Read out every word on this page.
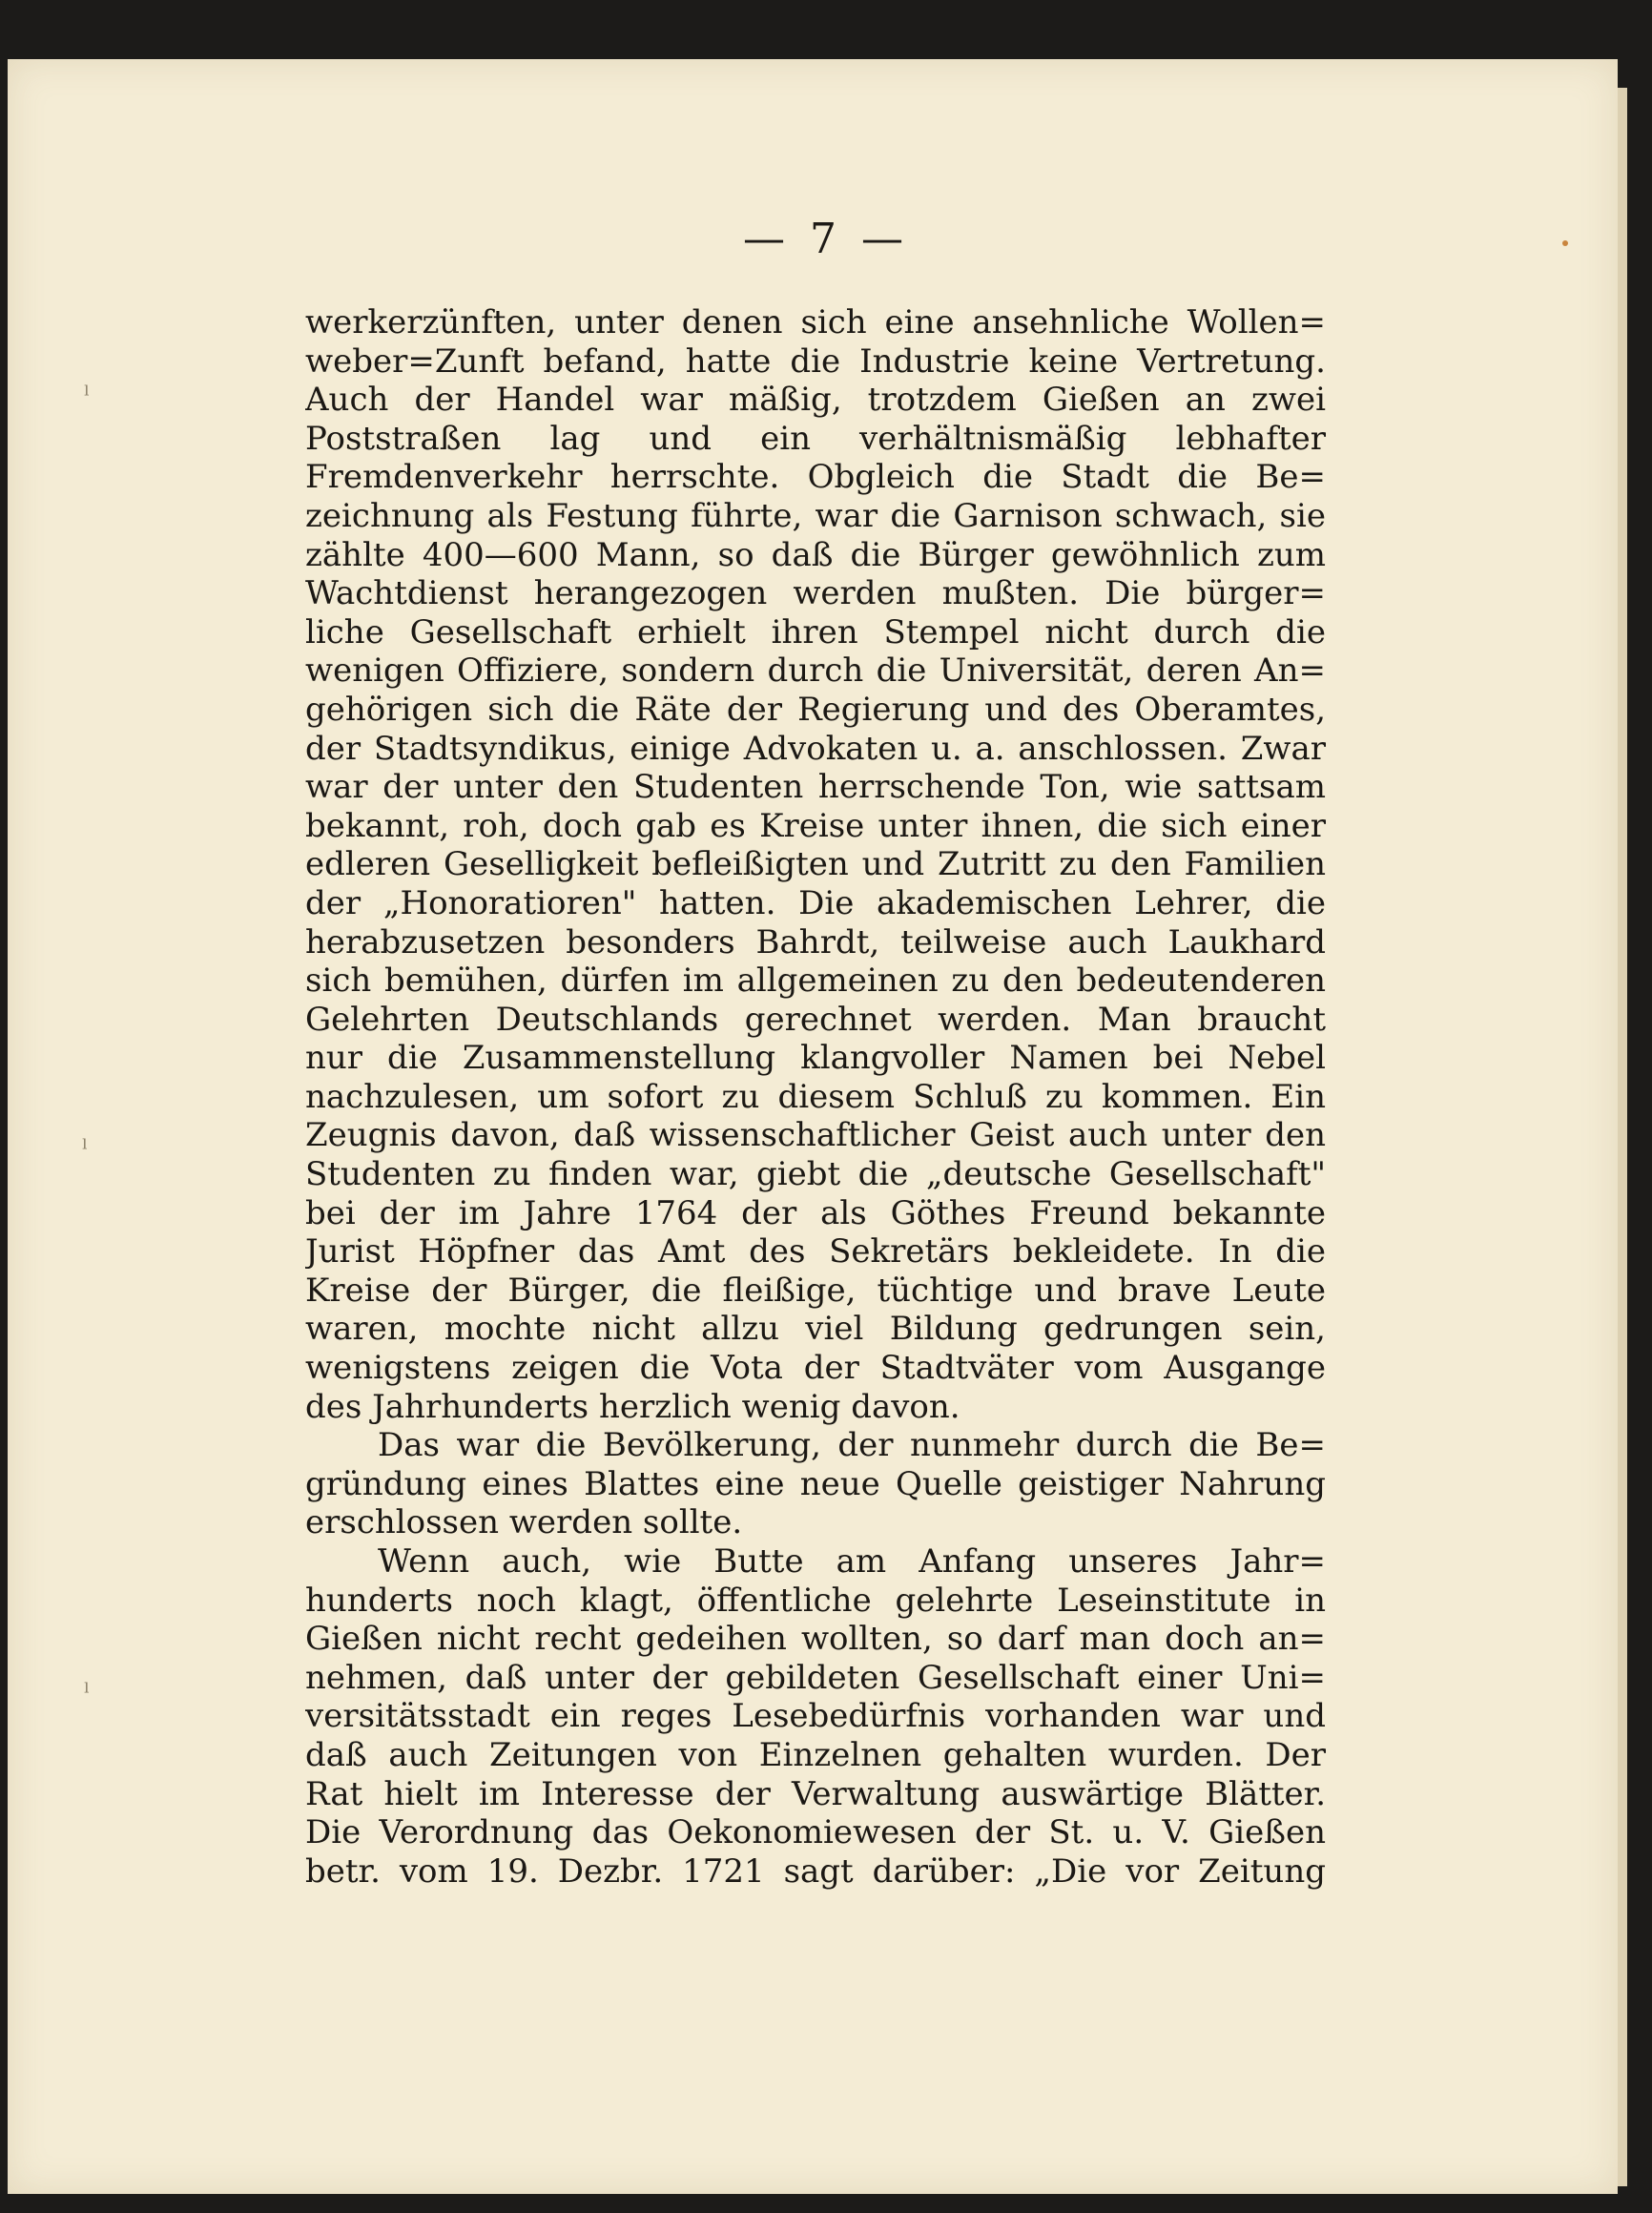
ˡ
ˡ
ˡ
— 7 —
werkerzünften, unter denen sich eine ansehnliche Wollen=
weber=Zunft befand, hatte die Industrie keine Vertretung.
Auch der Handel war mäßig, trotzdem Gießen an zwei
Poststraßen lag und ein verhältnismäßig lebhafter
Fremdenverkehr herrschte. Obgleich die Stadt die Be=
zeichnung als Festung führte, war die Garnison schwach, sie
zählte 400—600 Mann, so daß die Bürger gewöhnlich zum
Wachtdienst herangezogen werden mußten. Die bürger=
liche Gesellschaft erhielt ihren Stempel nicht durch die
wenigen Offiziere, sondern durch die Universität, deren An=
gehörigen sich die Räte der Regierung und des Oberamtes,
der Stadtsyndikus, einige Advokaten u. a. anschlossen. Zwar
war der unter den Studenten herrschende Ton, wie sattsam
bekannt, roh, doch gab es Kreise unter ihnen, die sich einer
edleren Geselligkeit befleißigten und Zutritt zu den Familien
der „Honoratioren" hatten. Die akademischen Lehrer, die
herabzusetzen besonders Bahrdt, teilweise auch Laukhard
sich bemühen, dürfen im allgemeinen zu den bedeutenderen
Gelehrten Deutschlands gerechnet werden. Man braucht
nur die Zusammenstellung klangvoller Namen bei Nebel
nachzulesen, um sofort zu diesem Schluß zu kommen. Ein
Zeugnis davon, daß wissenschaftlicher Geist auch unter den
Studenten zu finden war, giebt die „deutsche Gesellschaft"
bei der im Jahre 1764 der als Göthes Freund bekannte
Jurist Höpfner das Amt des Sekretärs bekleidete. In die
Kreise der Bürger, die fleißige, tüchtige und brave Leute
waren, mochte nicht allzu viel Bildung gedrungen sein,
wenigstens zeigen die Vota der Stadtväter vom Ausgange
des Jahrhunderts herzlich wenig davon.
Das war die Bevölkerung, der nunmehr durch die Be=
gründung eines Blattes eine neue Quelle geistiger Nahrung
erschlossen werden sollte.
Wenn auch, wie Butte am Anfang unseres Jahr=
hunderts noch klagt, öffentliche gelehrte Leseinstitute in
Gießen nicht recht gedeihen wollten, so darf man doch an=
nehmen, daß unter der gebildeten Gesellschaft einer Uni=
versitätsstadt ein reges Lesebedürfnis vorhanden war und
daß auch Zeitungen von Einzelnen gehalten wurden. Der
Rat hielt im Interesse der Verwaltung auswärtige Blätter.
Die Verordnung das Oekonomiewesen der St. u. V. Gießen
betr. vom 19. Dezbr. 1721 sagt darüber: „Die vor Zeitung
